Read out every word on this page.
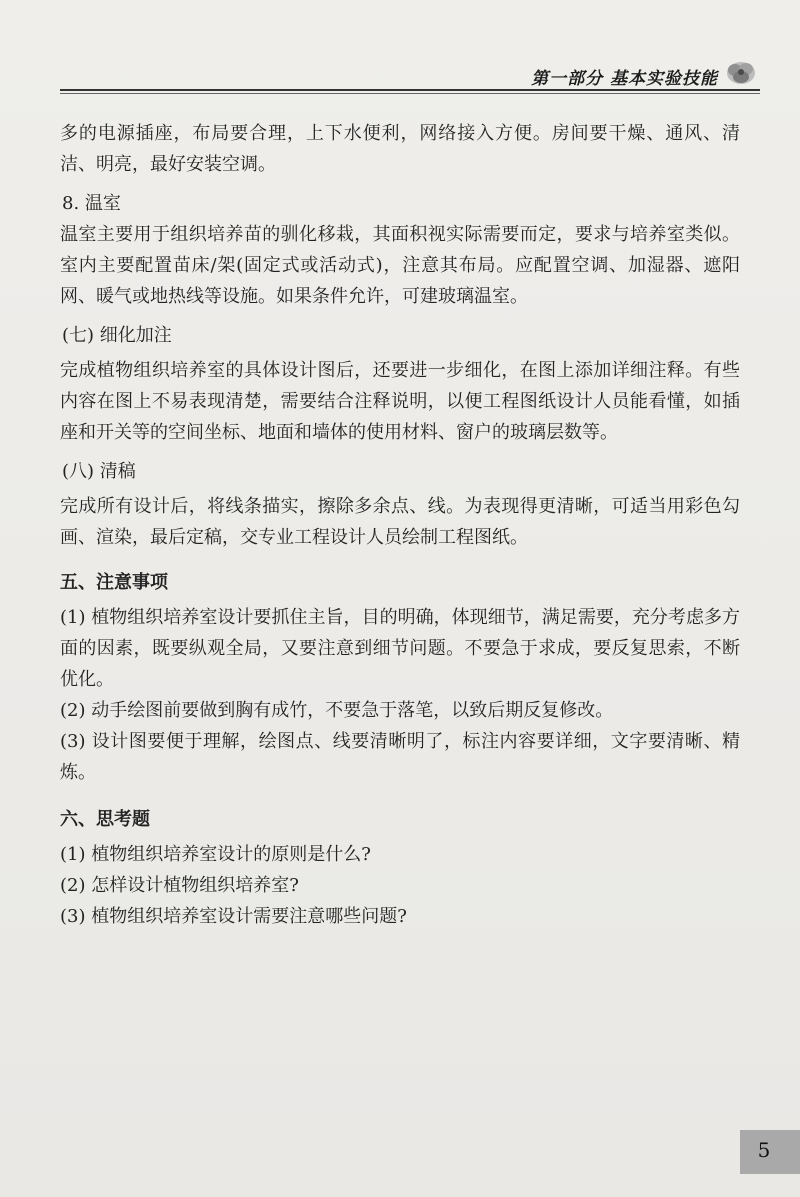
第一部分 基本实验技能

多的电源插座，布局要合理，上下水便利，网络接入方便。房间要干燥、通风、清洁、明亮，最好安装空调。

8. 温室

温室主要用于组织培养苗的驯化移栽，其面积视实际需要而定，要求与培养室类似。室内主要配置苗床/架(固定式或活动式)，注意其布局。应配置空调、加湿器、遮阳网、暖气或地热线等设施。如果条件允许，可建玻璃温室。

(七) 细化加注

完成植物组织培养室的具体设计图后，还要进一步细化，在图上添加详细注释。有些内容在图上不易表现清楚，需要结合注释说明，以便工程图纸设计人员能看懂，如插座和开关等的空间坐标、地面和墙体的使用材料、窗户的玻璃层数等。

(八) 清稿

完成所有设计后，将线条描实，擦除多余点、线。为表现得更清晰，可适当用彩色勾画、渲染，最后定稿，交专业工程设计人员绘制工程图纸。

五、注意事项

(1) 植物组织培养室设计要抓住主旨，目的明确，体现细节，满足需要，充分考虑多方面的因素，既要纵观全局，又要注意到细节问题。不要急于求成，要反复思索，不断优化。

(2) 动手绘图前要做到胸有成竹，不要急于落笔，以致后期反复修改。

(3) 设计图要便于理解，绘图点、线要清晰明了，标注内容要详细，文字要清晰、精炼。

六、思考题

(1) 植物组织培养室设计的原则是什么?

(2) 怎样设计植物组织培养室?

(3) 植物组织培养室设计需要注意哪些问题?

5
